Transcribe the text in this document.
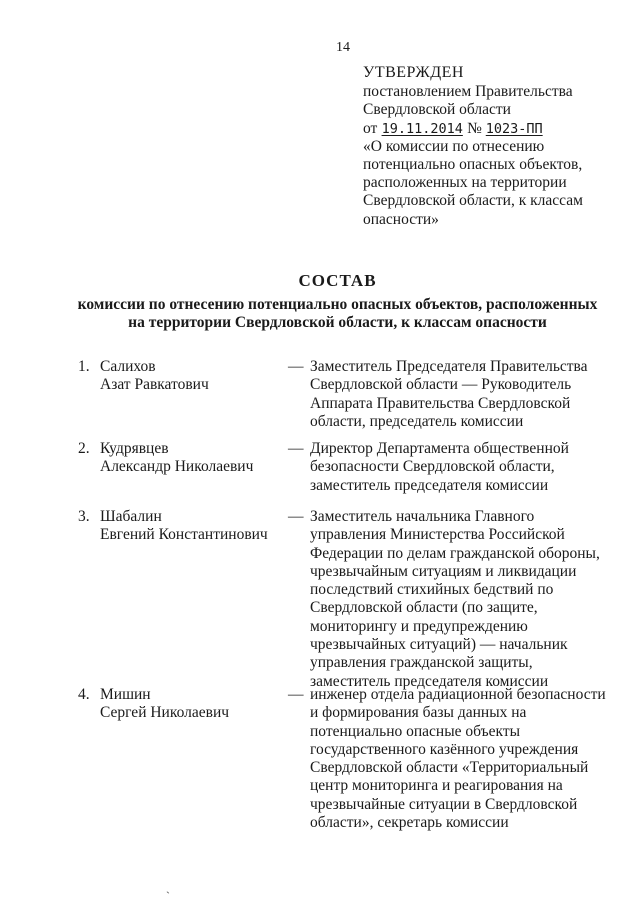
14
УТВЕРЖДЕН
постановлением Правительства
Свердловской области
от 19.11.2014 № 1023-ПП
«О комиссии по отнесению
потенциально опасных объектов,
расположенных на территории
Свердловской области, к классам
опасности»
СОСТАВ
комиссии по отнесению потенциально опасных объектов, расположенных
на территории Свердловской области, к классам опасности
1. Салихов
Азат Равкатович
— Заместитель Председателя Правительства
Свердловской области — Руководитель
Аппарата Правительства Свердловской
области, председатель комиссии
2. Кудрявцев
Александр Николаевич
— Директор Департамента общественной
безопасности Свердловской области,
заместитель председателя комиссии
3. Шабалин
Евгений Константинович
— Заместитель начальника Главного
управления Министерства Российской
Федерации по делам гражданской обороны,
чрезвычайным ситуациям и ликвидации
последствий стихийных бедствий по
Свердловской области (по защите,
мониторингу и предупреждению
чрезвычайных ситуаций) — начальник
управления гражданской защиты,
заместитель председателя комиссии
4. Мишин
Сергей Николаевич
— инженер отдела радиационной безопасности
и формирования базы данных на
потенциально опасные объекты
государственного казённого учреждения
Свердловской области «Территориальный
центр мониторинга и реагирования на
чрезвычайные ситуации в Свердловской
области», секретарь комиссии
ˏ
